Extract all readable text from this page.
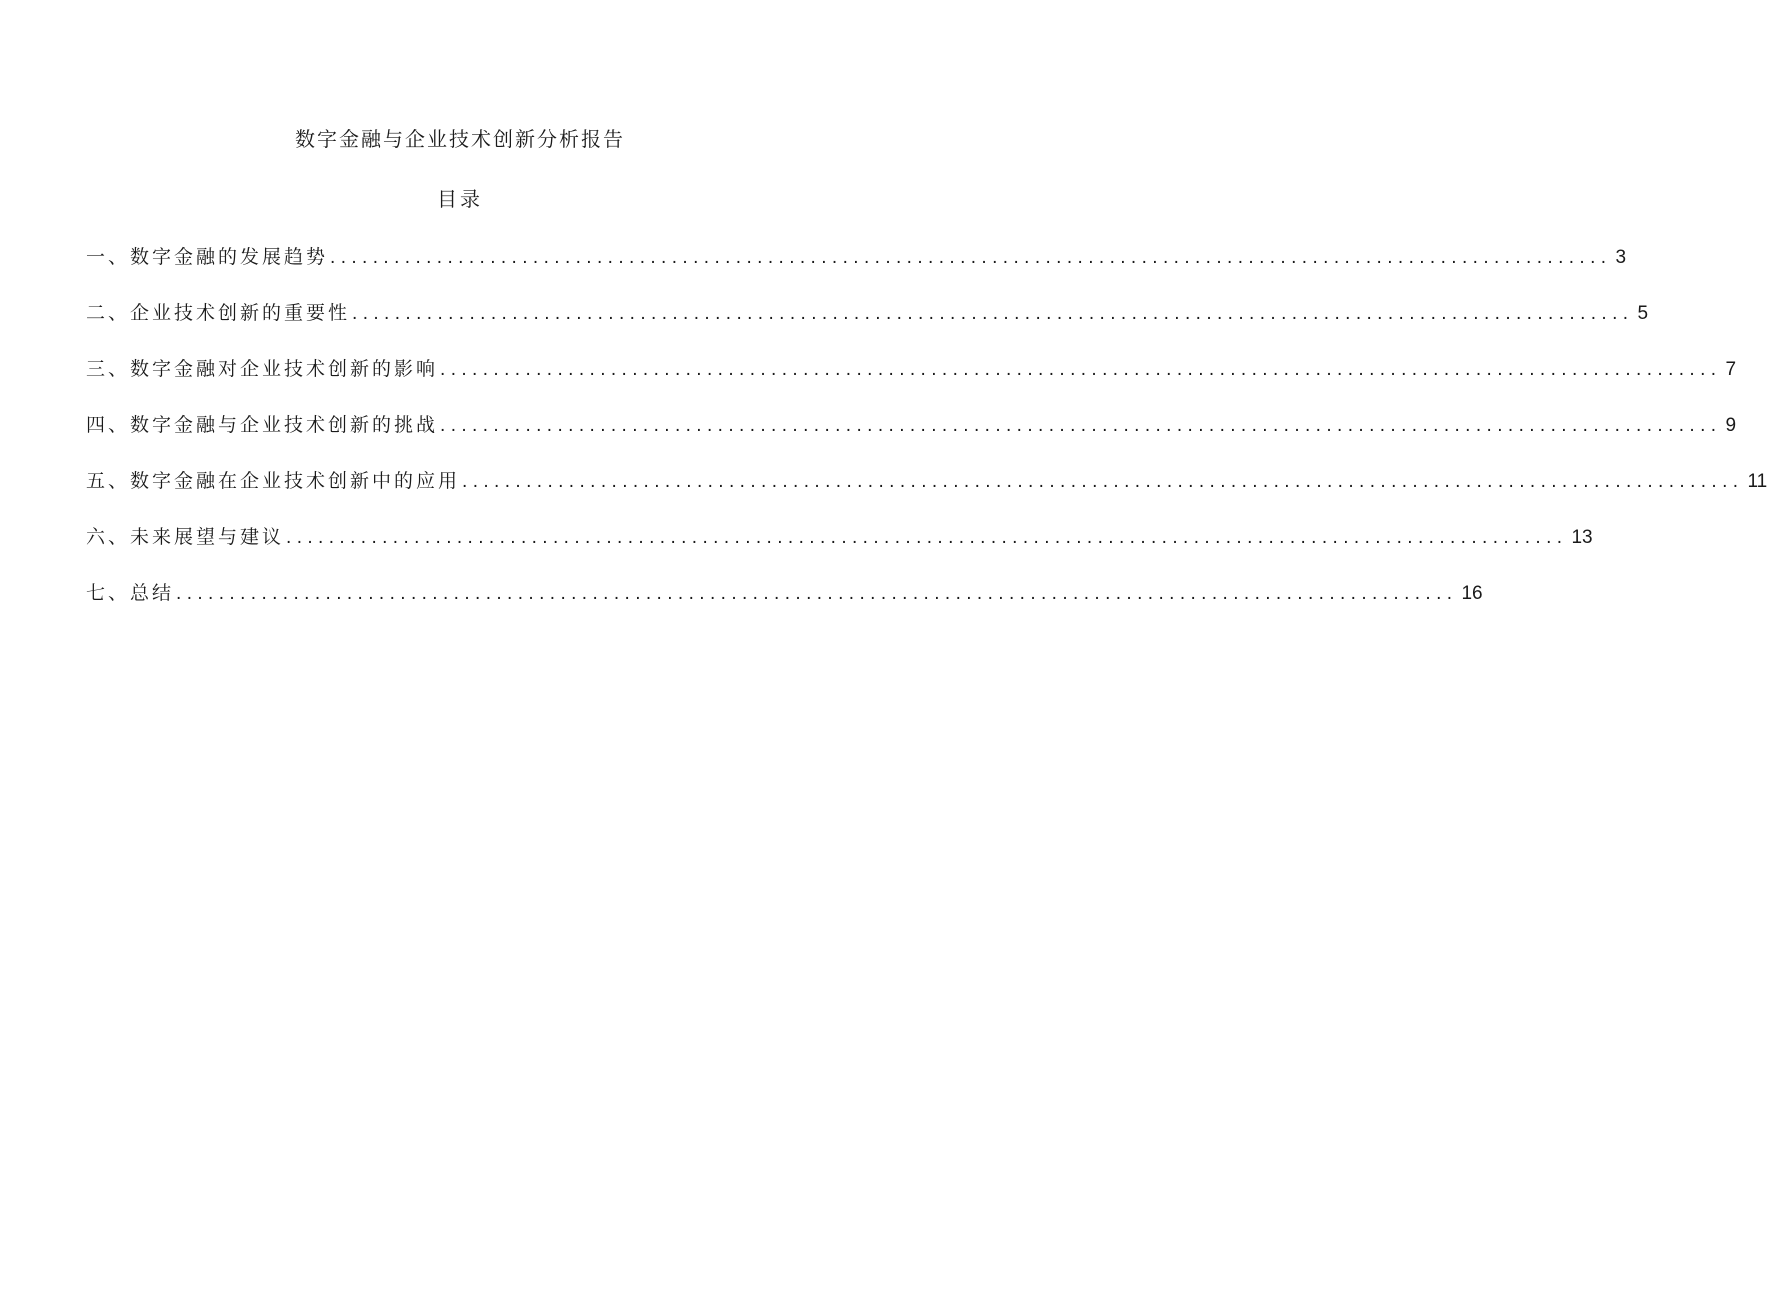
数字金融与企业技术创新分析报告
目录
一、数字金融的发展趋势 ........................................................................................................................ 3
二、企业技术创新的重要性 ........................................................................................................................ 5
三、数字金融对企业技术创新的影响 ........................................................................................................................ 7
四、数字金融与企业技术创新的挑战 ........................................................................................................................ 9
五、数字金融在企业技术创新中的应用 ........................................................................................................................ 11
六、未来展望与建议 ........................................................................................................................ 13
七、总结 ........................................................................................................................ 16
